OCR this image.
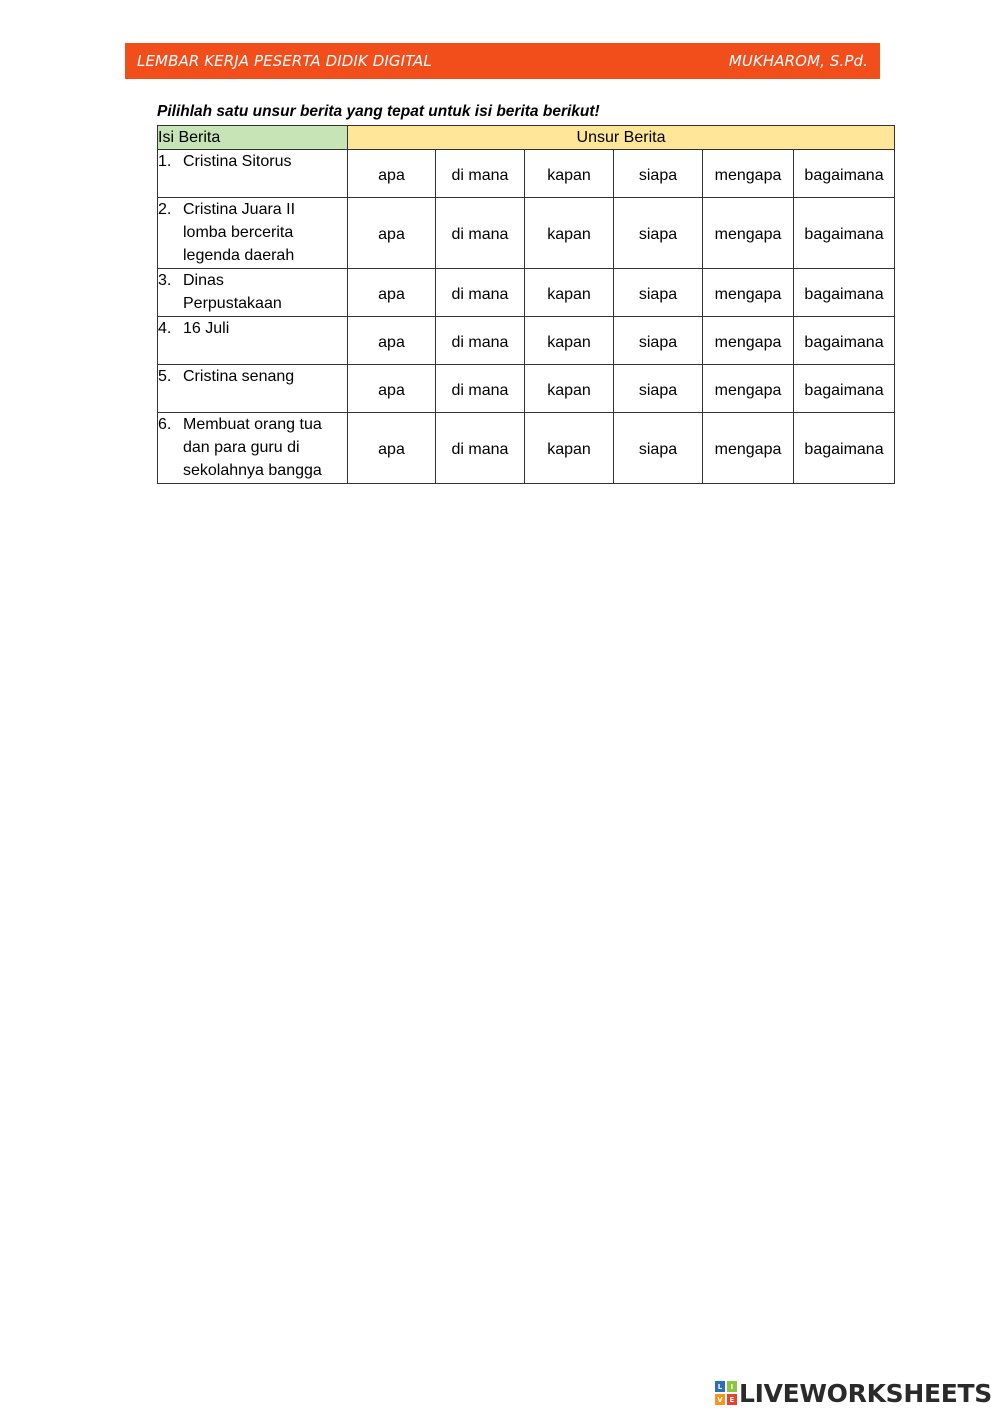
LEMBAR KERJA PESERTA DIDIK DIGITAL	MUKHAROM, S.Pd.
Pilihlah satu unsur berita yang tepat untuk isi berita berikut!
Isi Berita	Unsur Berita					

1. Cristina Sitorus	apa	di mana	kapan	siapa	mengapa	bagaimana

2. Cristina Juara II
lomba bercerita
legenda daerah	apa	di mana	kapan	siapa	mengapa	bagaimana

3. Dinas
Perpustakaan	apa	di mana	kapan	siapa	mengapa	bagaimana

4. 16 Juli	apa	di mana	kapan	siapa	mengapa	bagaimana

5. Cristina senang	apa	di mana	kapan	siapa	mengapa	bagaimana

6. Membuat orang tua
dan para guru di
sekolahnya bangga	apa	di mana	kapan	siapa	mengapa	bagaimana
L	I
V E LIVEWORKSHEETS
